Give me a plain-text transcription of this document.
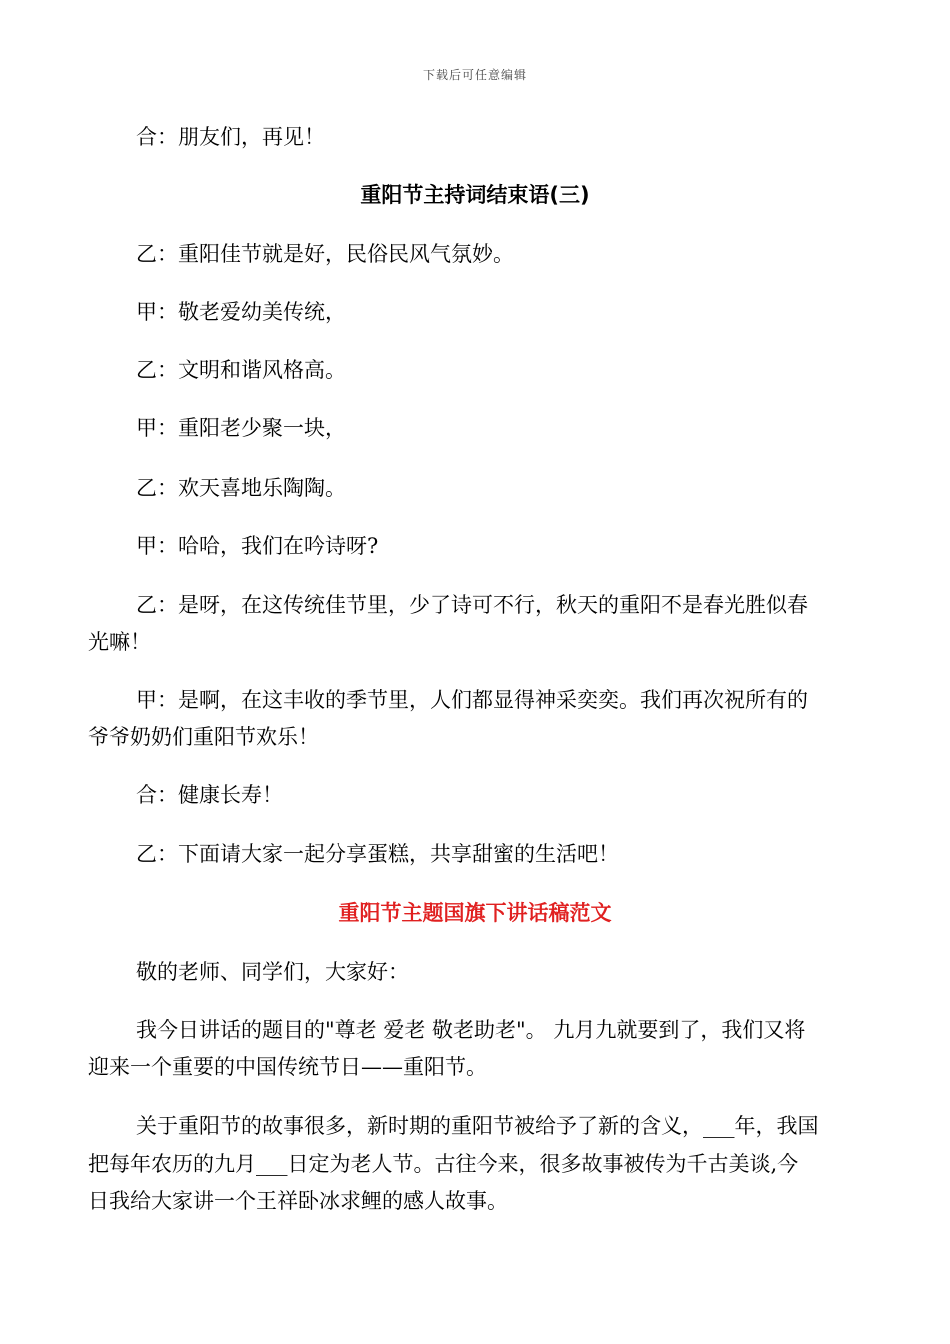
下载后可任意编辑
合：朋友们，再见！
重阳节主持词结束语(三)
乙：重阳佳节就是好，民俗民风气氛妙。
甲：敬老爱幼美传统，
乙：文明和谐风格高。
甲：重阳老少聚一块，
乙：欢天喜地乐陶陶。
甲：哈哈，我们在吟诗呀?
乙：是呀，在这传统佳节里，少了诗可不行，秋天的重阳不是春光胜似春
光嘛！
甲：是啊，在这丰收的季节里，人们都显得神采奕奕。我们再次祝所有的
爷爷奶奶们重阳节欢乐！
合：健康长寿！
乙：下面请大家一起分享蛋糕，共享甜蜜的生活吧！
重阳节主题国旗下讲话稿范文
敬的老师、同学们，大家好：
我今日讲话的题目的"尊老 爱老 敬老助老"。 九月九就要到了，我们又将
迎来一个重要的中国传统节日——重阳节。
关于重阳节的故事很多，新时期的重阳节被给予了新的含义，___年，我国
把每年农历的九月___日定为老人节。古往今来，很多故事被传为千古美谈,今
日我给大家讲一个王祥卧冰求鲤的感人故事。
